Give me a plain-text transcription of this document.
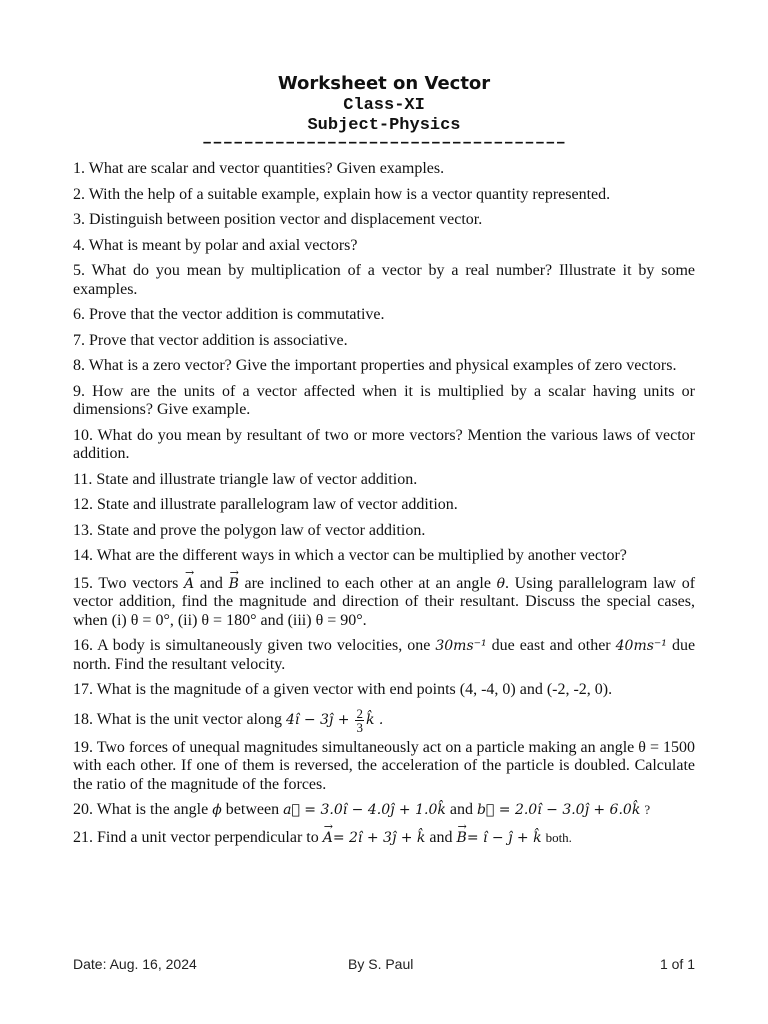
Worksheet on Vector

Class-XI

Subject-Physics

–––––––––––––––––––––––––––––––––––

1. What are scalar and vector quantities? Given examples.

2. With the help of a suitable example, explain how is a vector quantity represented.

3. Distinguish between position vector and displacement vector.

4. What is meant by polar and axial vectors?

5. What do you mean by multiplication of a vector by a real number? Illustrate it by some examples.

6. Prove that the vector addition is commutative.

7. Prove that vector addition is associative.

8. What is a zero vector? Give the important properties and physical examples of zero vectors.

9. How are the units of a vector affected when it is multiplied by a scalar having units or dimensions? Give example.

10. What do you mean by resultant of two or more vectors? Mention the various laws of vector addition.

11. State and illustrate triangle law of vector addition.

12. State and illustrate parallelogram law of vector addition.

13. State and prove the polygon law of vector addition.

14. What are the different ways in which a vector can be multiplied by another vector?

15. Two vectors → A and → B are inclined to each other at an angle θ. Using parallelogram law of vector addition, find the magnitude and direction of their resultant. Discuss the special cases, when (i) θ = 0°, (ii) θ = 180° and (iii) θ = 90°.

16. A body is simultaneously given two velocities, one 30ms⁻¹ due east and other 40ms⁻¹ due north. Find the resultant velocity.

17. What is the magnitude of a given vector with end points (4, -4, 0) and (-2, -2, 0).

18. What is the unit vector along 4î − 3ĵ + $\frac{2}{3}$ k̂ .

19. Two forces of unequal magnitudes simultaneously act on a particle making an angle θ = 1500 with each other. If one of them is reversed, the acceleration of the particle is doubled. Calculate the ratio of the magnitude of the forces.

20. What is the angle ϕ between a⃗ = 3.0î − 4.0ĵ + 1.0k̂ and b⃗ = 2.0î − 3.0ĵ + 6.0k̂ ?

21. Find a unit vector perpendicular to → A= 2î + 3ĵ + k̂ and → B= î − ĵ + k̂ both.

Date: Aug. 16, 2024	By S. Paul	1 of 1
